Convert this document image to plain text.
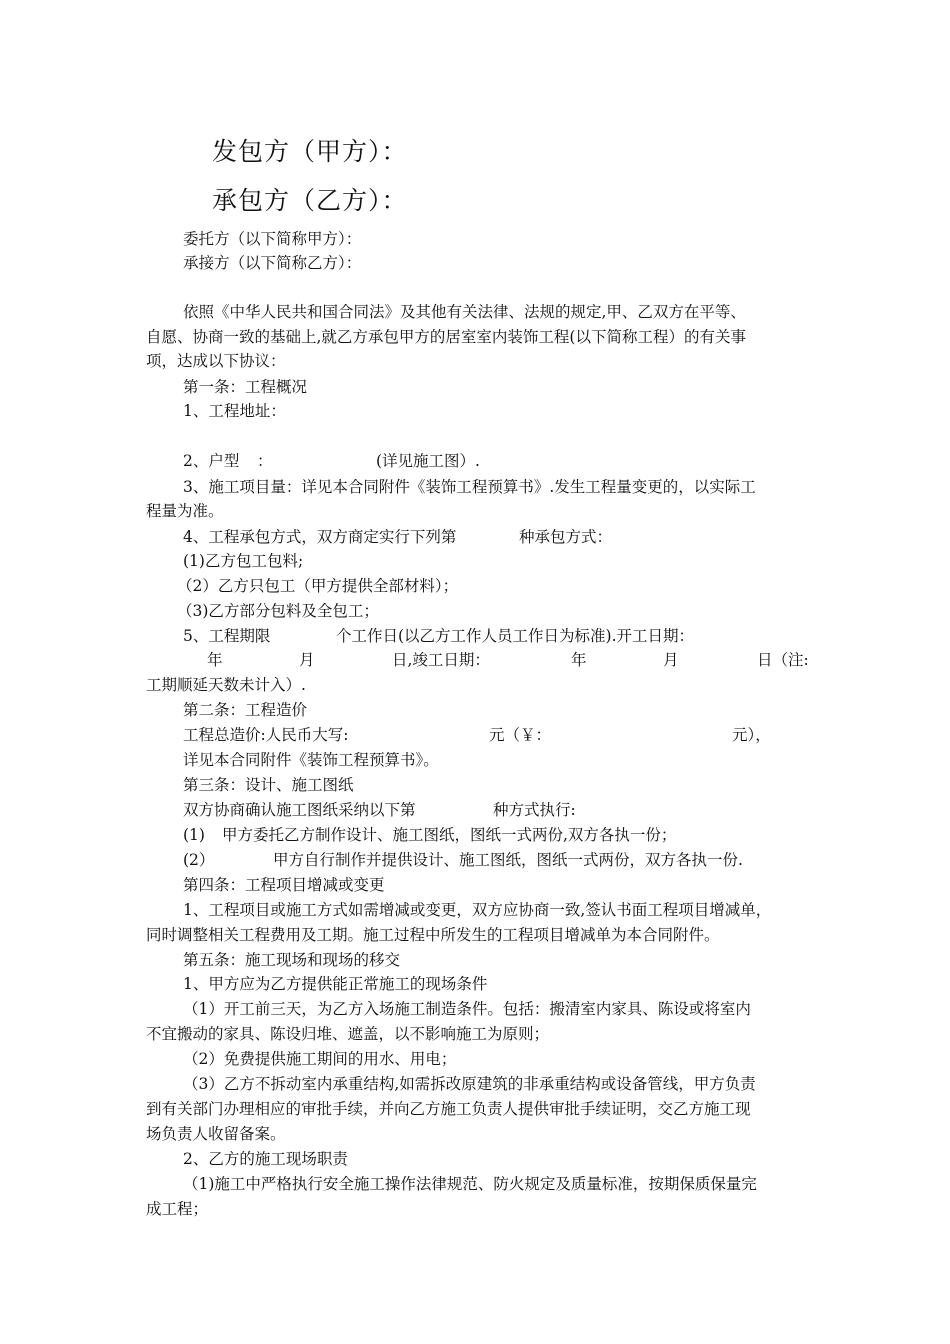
发包方（甲方）：
承包方（乙方）：
委托方（以下简称甲方）：
承接方（以下简称乙方）：
依照《中华人民共和国合同法》及其他有关法律、法规的规定,甲、乙双方在平等、
自愿、协商一致的基础上,就乙方承包甲方的居室室内装饰工程(以下简称工程）的有关事
项，达成以下协议：
第一条：工程概况
1、工程地址：
2、户型 ：	(详见施工图）.
3、施工项目量：详见本合同附件《装饰工程预算书》.发生工程量变更的，以实际工
程量为准。
4、工程承包方式，双方商定实行下列第	种承包方式：
(1)乙方包工包料;
（2）乙方只包工（甲方提供全部材料）；
（3)乙方部分包料及全包工；
5、工程期限	个工作日(以乙方工作人员工作日为标准).开工日期：
年	月	日,竣工日期：	年	月	日（注:
工期顺延天数未计入）.
第二条：工程造价
工程总造价:人民币大写:	元（￥：	元），
详见本合同附件《装饰工程预算书》。
第三条：设计、施工图纸
双方协商确认施工图纸采纳以下第	种方式执行:
(1) 甲方委托乙方制作设计、施工图纸，图纸一式两份,双方各执一份；
(2）	甲方自行制作并提供设计、施工图纸，图纸一式两份，双方各执一份.
第四条：工程项目增减或变更
1、工程项目或施工方式如需增减或变更，双方应协商一致,签认书面工程项目增减单，
同时调整相关工程费用及工期。施工过程中所发生的工程项目增减单为本合同附件。
第五条：施工现场和现场的移交
1、甲方应为乙方提供能正常施工的现场条件
（1）开工前三天，为乙方入场施工制造条件。包括：搬清室内家具、陈设或将室内
不宜搬动的家具、陈设归堆、遮盖，以不影响施工为原则；
（2）免费提供施工期间的用水、用电；
（3）乙方不拆动室内承重结构,如需拆改原建筑的非承重结构或设备管线，甲方负责
到有关部门办理相应的审批手续，并向乙方施工负责人提供审批手续证明，交乙方施工现
场负责人收留备案。
2、乙方的施工现场职责
（1)施工中严格执行安全施工操作法律规范、防火规定及质量标准，按期保质保量完
成工程；
